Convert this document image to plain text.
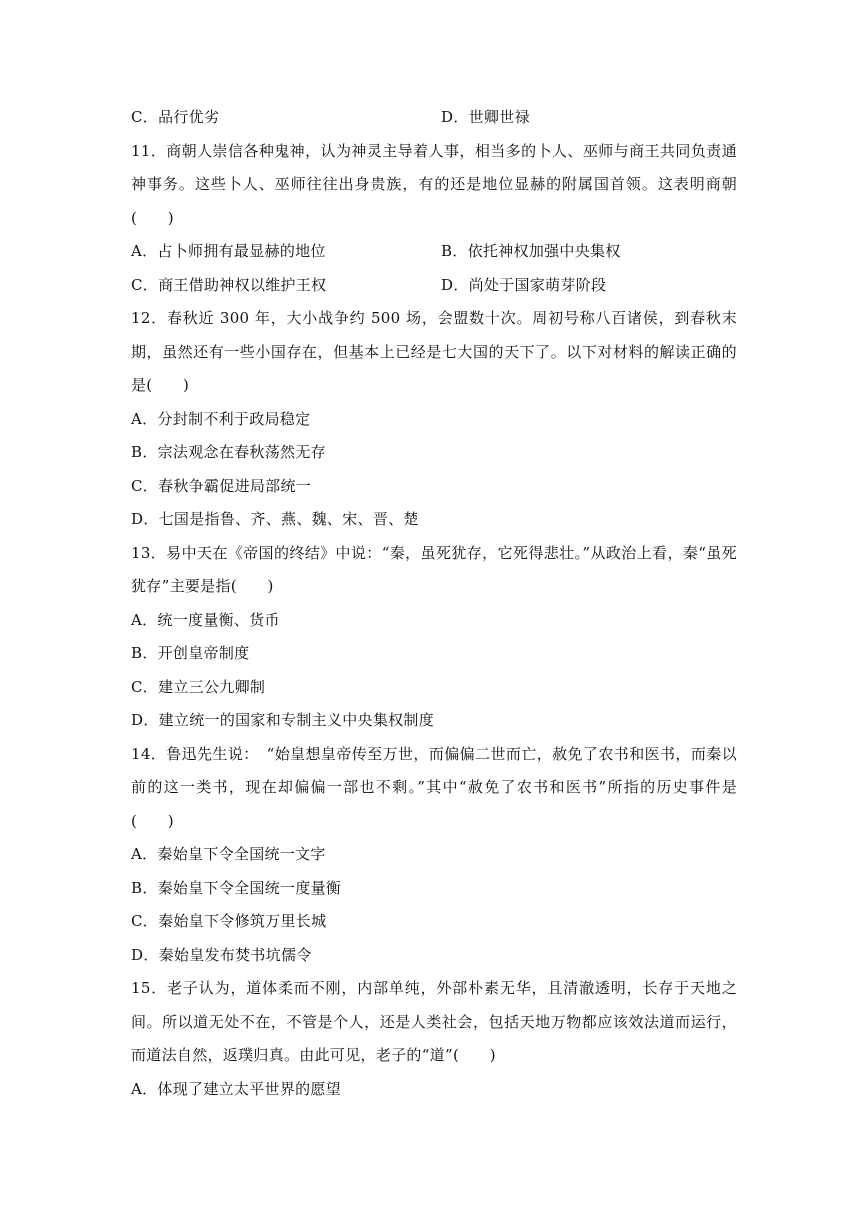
C．品行优劣	D．世卿世禄
11．商朝人崇信各种鬼神，认为神灵主导着人事，相当多的卜人、巫师与商王共同负责通神事务。这些卜人、巫师往往出身贵族，有的还是地位显赫的附属国首领。这表明商朝(　　)
A．占卜师拥有最显赫的地位	B．依托神权加强中央集权
C．商王借助神权以维护王权	D．尚处于国家萌芽阶段
12．春秋近 300 年，大小战争约 500 场，会盟数十次。周初号称八百诸侯，到春秋末期，虽然还有一些小国存在，但基本上已经是七大国的天下了。以下对材料的解读正确的是(　　)
A．分封制不利于政局稳定
B．宗法观念在春秋荡然无存
C．春秋争霸促进局部统一
D．七国是指鲁、齐、燕、魏、宋、晋、楚
13．易中天在《帝国的终结》中说：“秦，虽死犹存，它死得悲壮。”从政治上看，秦“虽死犹存”主要是指(　　)
A．统一度量衡、货币
B．开创皇帝制度
C．建立三公九卿制
D．建立统一的国家和专制主义中央集权制度
14．鲁迅先生说：　“始皇想皇帝传至万世，而偏偏二世而亡，赦免了农书和医书，而秦以前的这一类书，现在却偏偏一部也不剩。”其中“赦免了农书和医书”所指的历史事件是(　　)
A．秦始皇下令全国统一文字
B．秦始皇下令全国统一度量衡
C．秦始皇下令修筑万里长城
D．秦始皇发布焚书坑儒令
15．老子认为，道体柔而不刚，内部单纯，外部朴素无华，且清澈透明，长存于天地之间。所以道无处不在，不管是个人，还是人类社会，包括天地万物都应该效法道而运行，而道法自然，返璞归真。由此可见，老子的“道”(　　)
A．体现了建立太平世界的愿望
